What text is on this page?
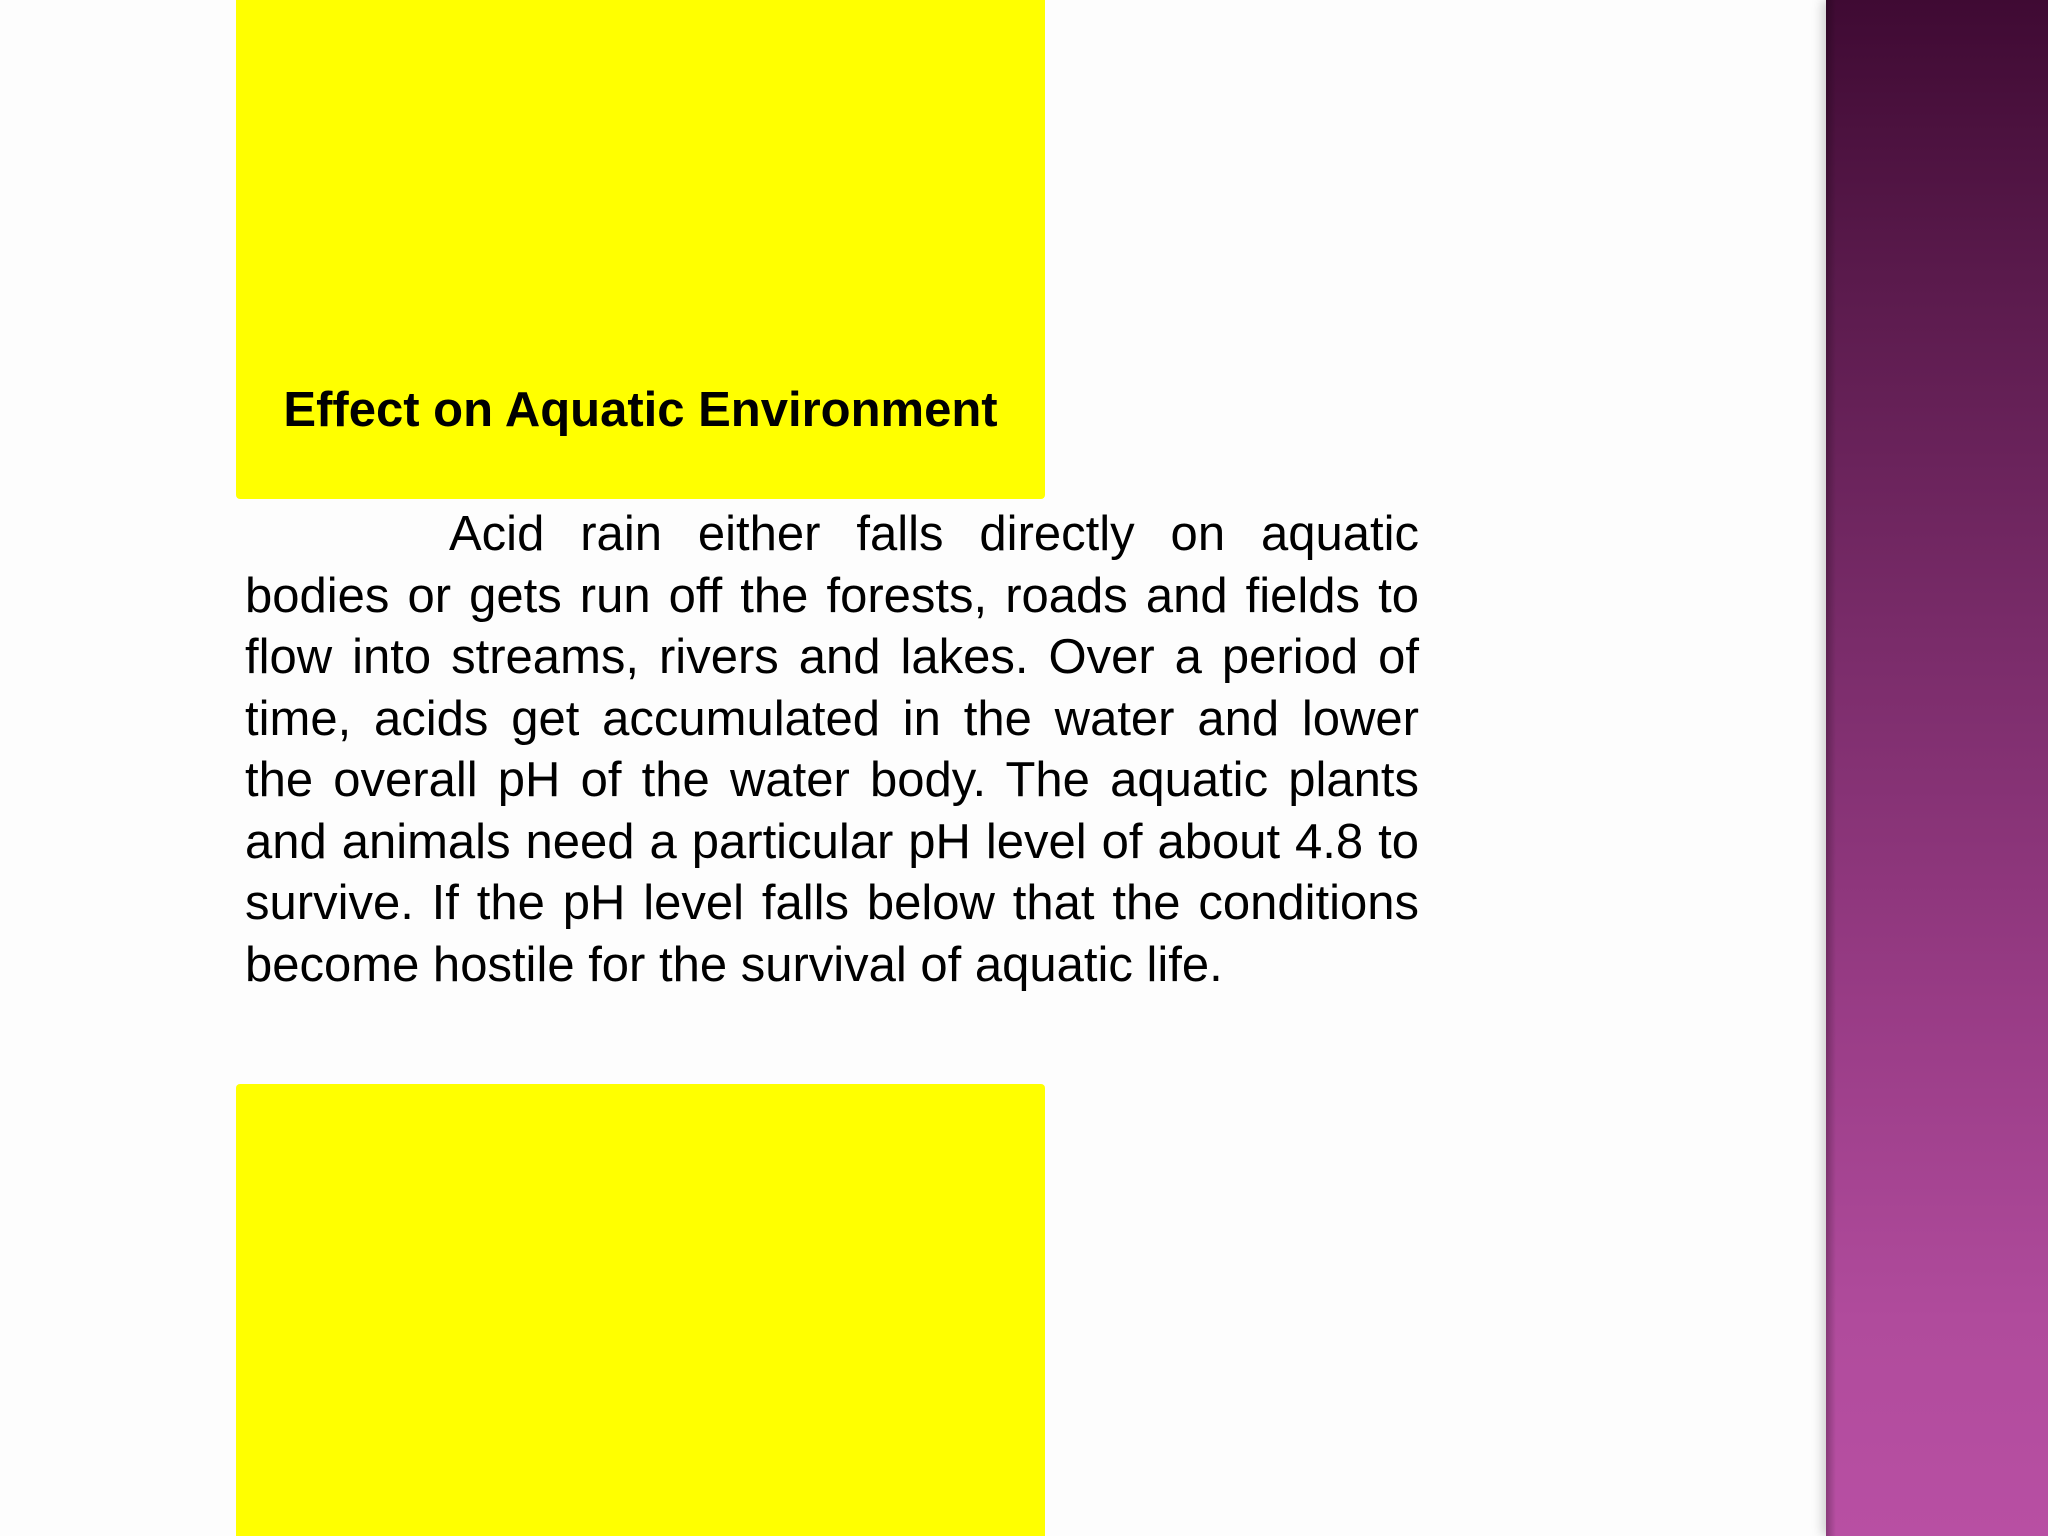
Effect on Aquatic Environment

Acid rain either falls directly on aquatic bodies or gets run off the forests, roads and fields to flow into streams, rivers and lakes. Over a period of time, acids get accumulated in the water and lower the overall pH of the water body. The aquatic plants and animals need a particular pH level of about 4.8 to survive. If the pH level falls below that the conditions become hostile for the survival of aquatic life.
